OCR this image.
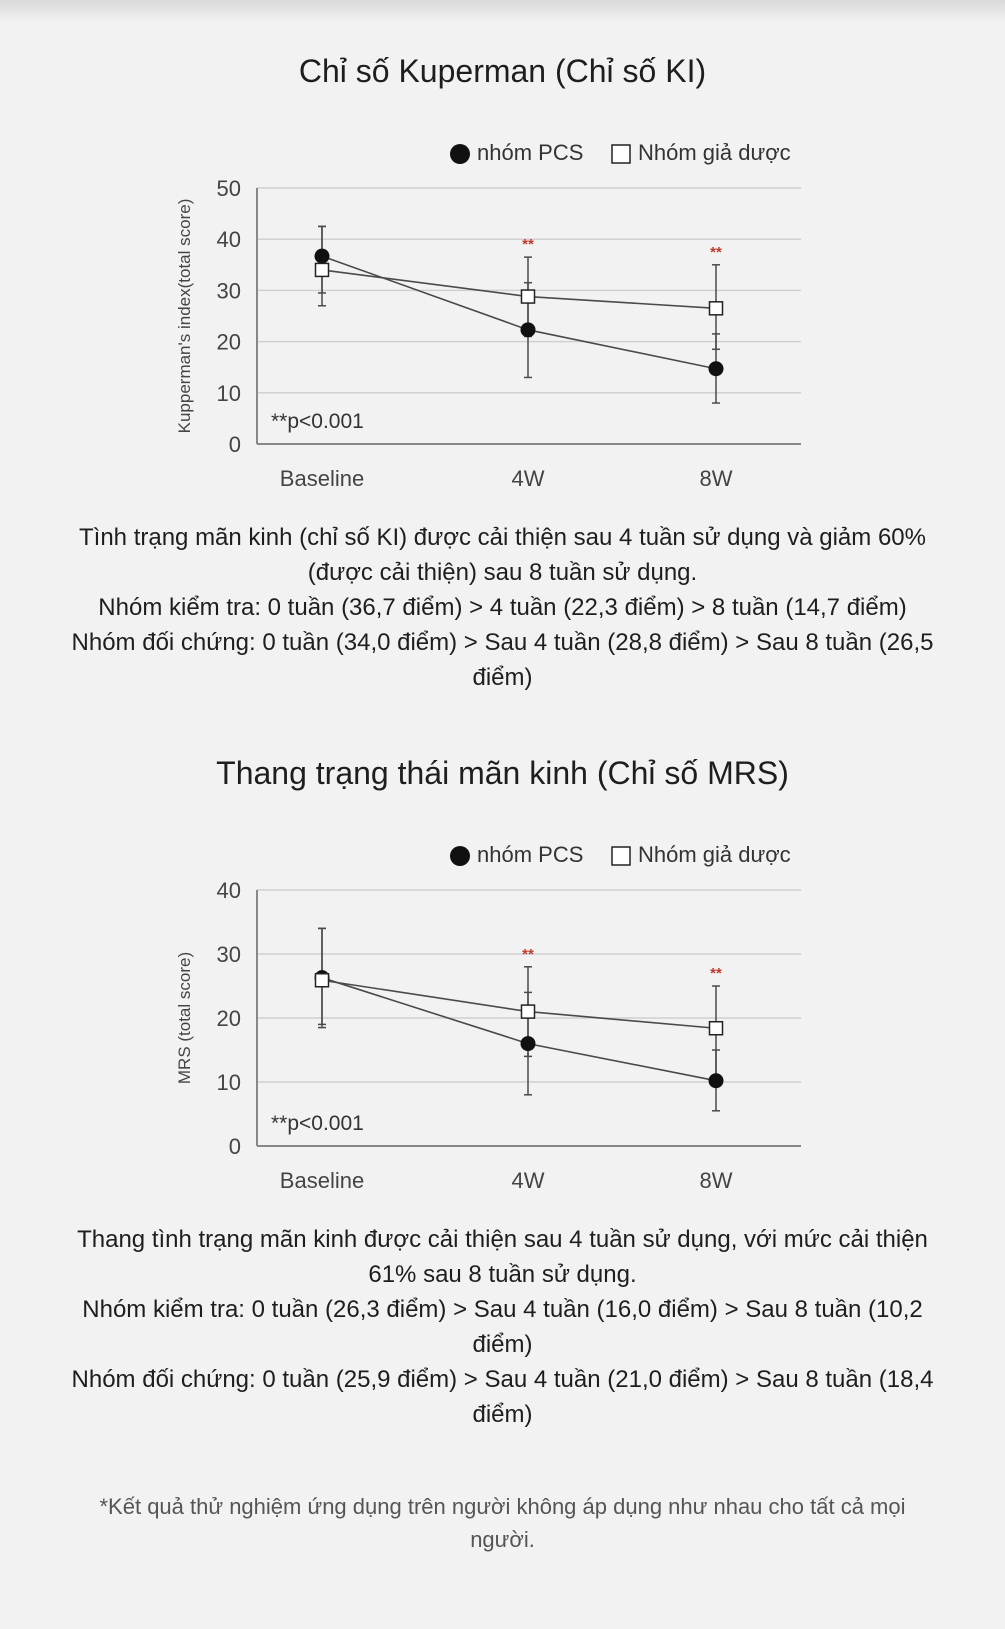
Chỉ số Kuperman (Chỉ số KI)
nhóm PCS Nhóm giả dược
0
10
20
30
40
50
Kupperman's index(total score)
Baseline	4W	8W
**p<0.001
**	**

Tình trạng mãn kinh (chỉ số KI) được cải thiện sau 4 tuần sử dụng và giảm 60% (được cải thiện) sau 8 tuần sử dụng.

Nhóm kiểm tra: 0 tuần (36,7 điểm) > 4 tuần (22,3 điểm) > 8 tuần (14,7 điểm)

Nhóm đối chứng: 0 tuần (34,0 điểm) > Sau 4 tuần (28,8 điểm) > Sau 8 tuần (26,5 điểm)

Thang trạng thái mãn kinh (Chỉ số MRS)
nhóm PCS Nhóm giả dược
0
10
20
30
40
MRS (total score)
Baseline	4W	8W
**p<0.001
**
**

Thang tình trạng mãn kinh được cải thiện sau 4 tuần sử dụng, với mức cải thiện 61% sau 8 tuần sử dụng.

Nhóm kiểm tra: 0 tuần (26,3 điểm) > Sau 4 tuần (16,0 điểm) > Sau 8 tuần (10,2 điểm)

Nhóm đối chứng: 0 tuần (25,9 điểm) > Sau 4 tuần (21,0 điểm) > Sau 8 tuần (18,4 điểm)

*Kết quả thử nghiệm ứng dụng trên người không áp dụng như nhau cho tất cả mọi người.
